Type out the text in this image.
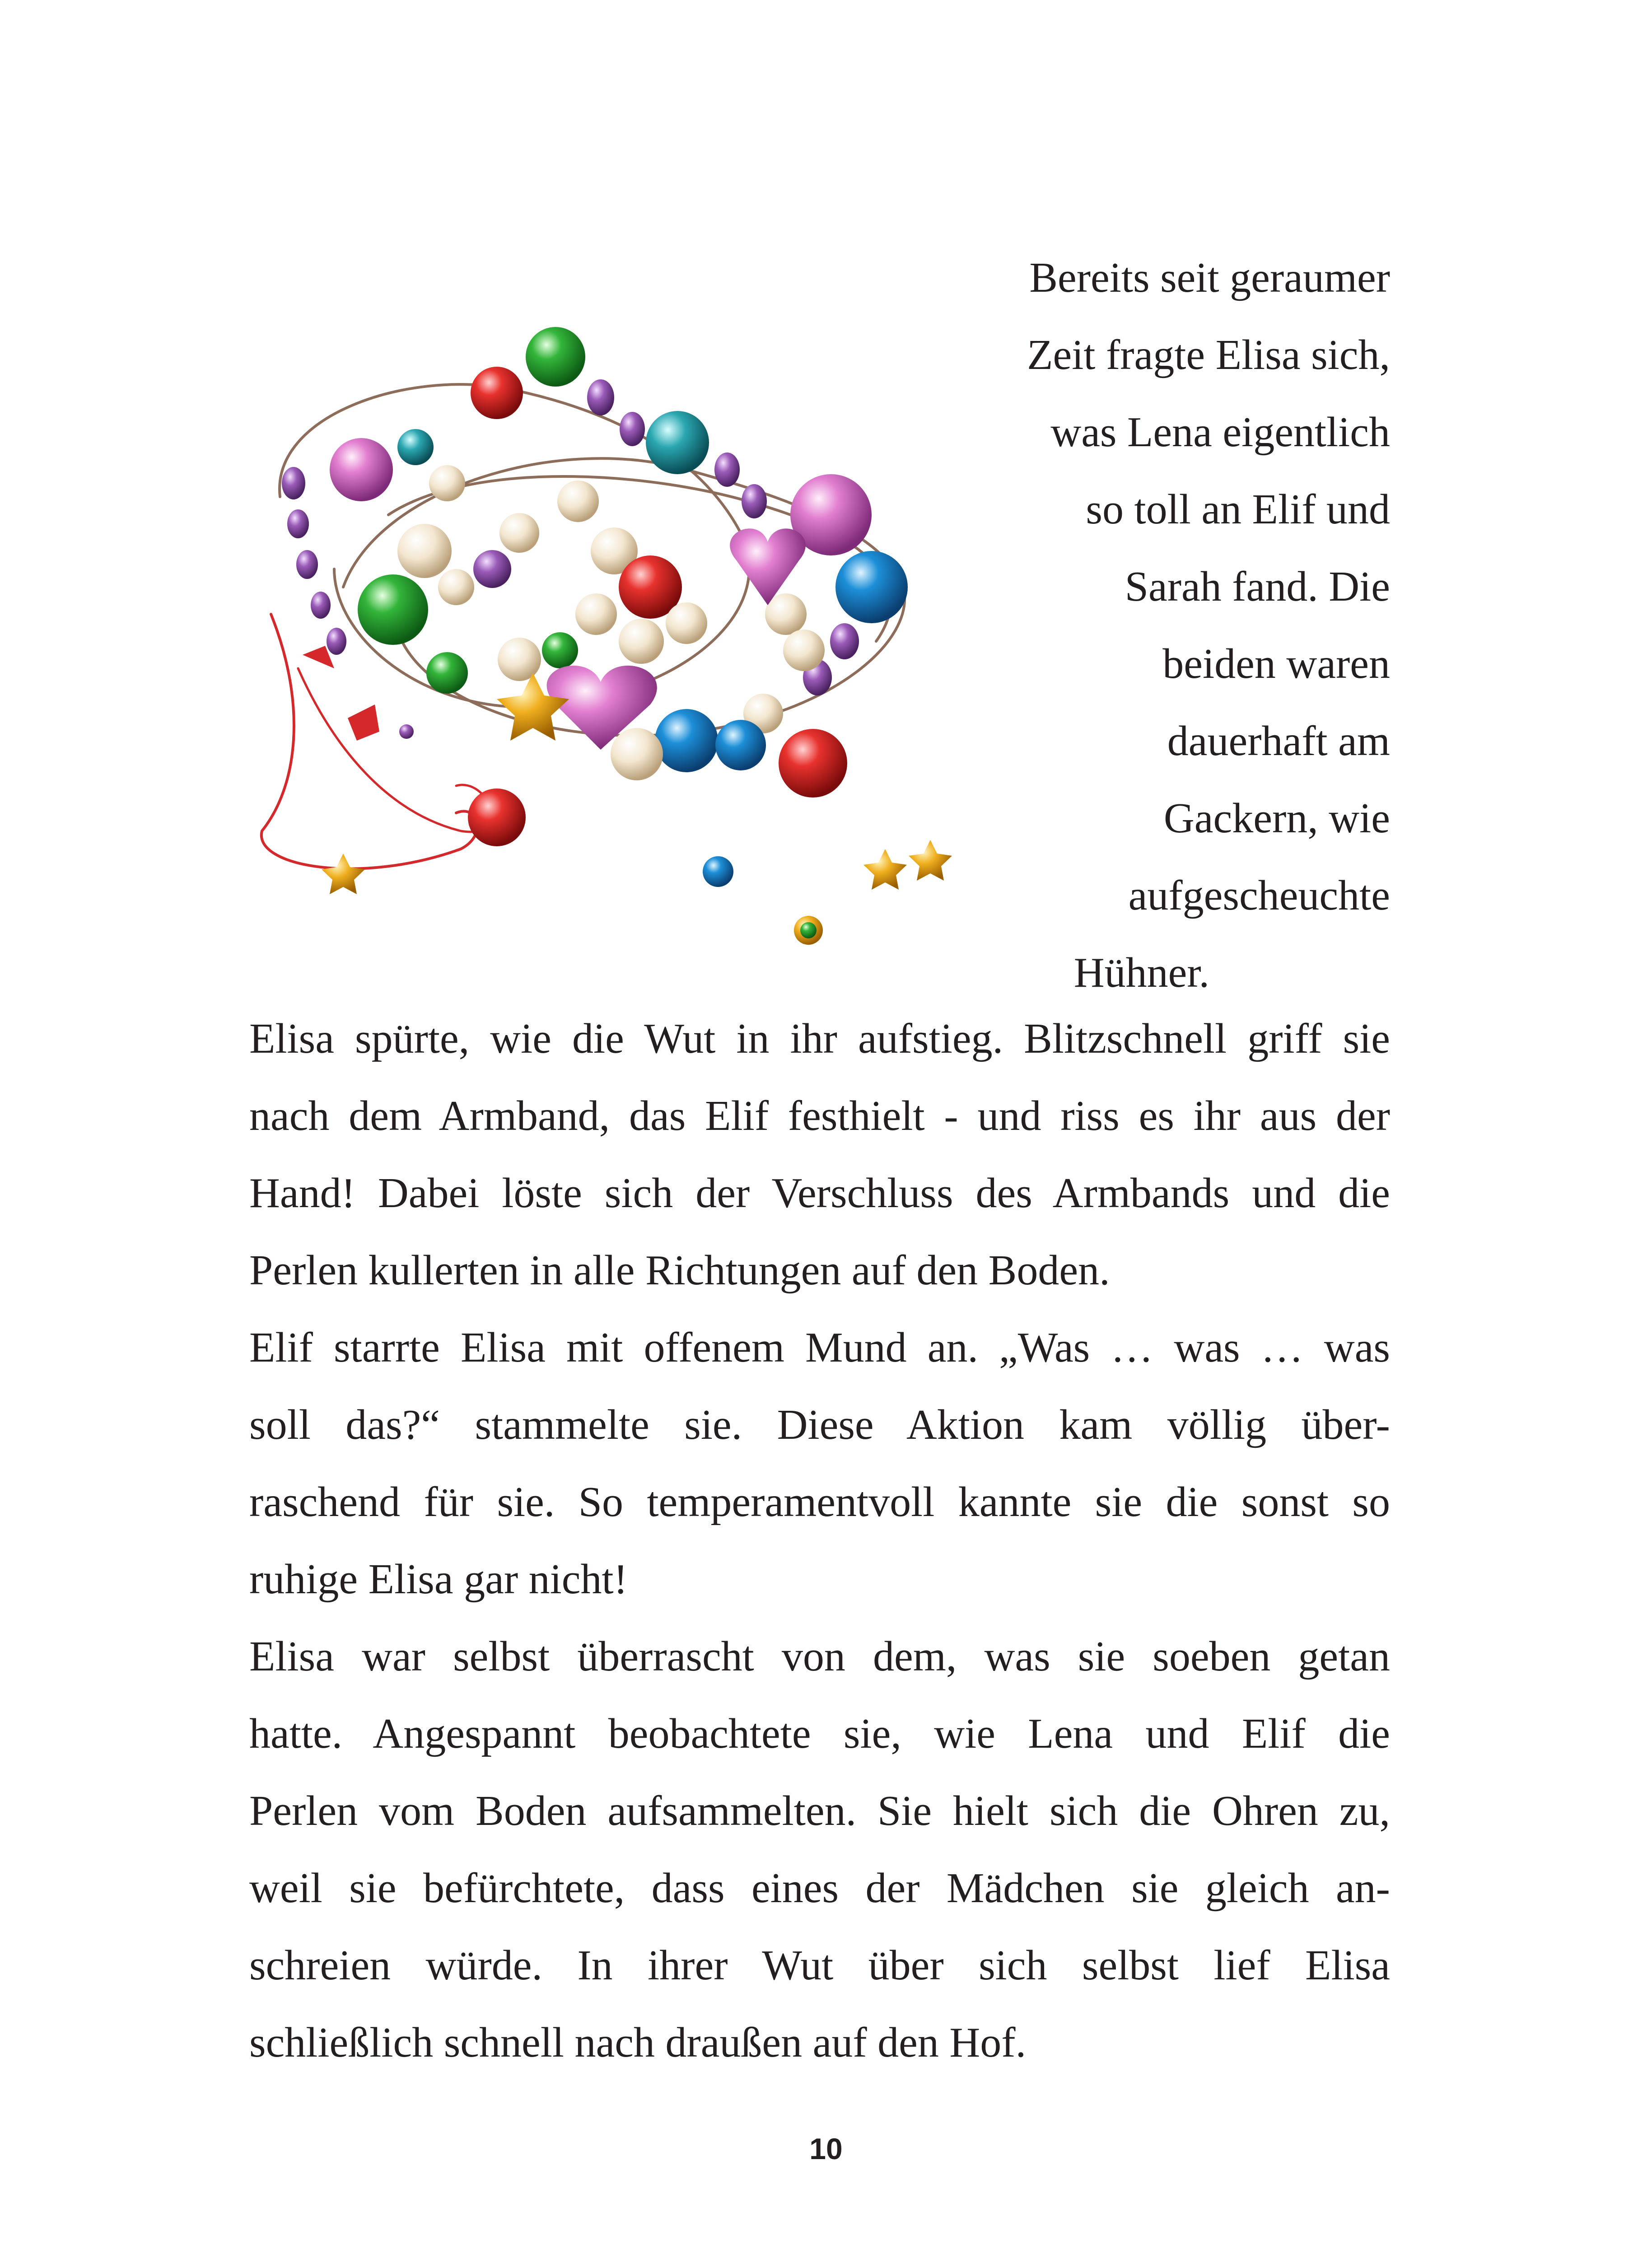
Bereits seit geraumer
Zeit fragte Elisa sich,
was Lena eigentlich
so toll an Elif und
Sarah fand. Die
beiden waren
dauerhaft am
Gackern, wie
aufgescheuchte
Hühner.
Elisa spürte, wie die Wut in ihr aufstieg. Blitzschnell griff sie
nach dem Armband, das Elif festhielt - und riss es ihr aus der
Hand! Dabei löste sich der Verschluss des Armbands und die
Perlen kullerten in alle Richtungen auf den Boden.
Elif starrte Elisa mit offenem Mund an. „Was … was … was
soll das?“ stammelte sie. Diese Aktion kam völlig über-
raschend für sie. So temperamentvoll kannte sie die sonst so
ruhige Elisa gar nicht!
Elisa war selbst überrascht von dem, was sie soeben getan
hatte. Angespannt beobachtete sie, wie Lena und Elif die
Perlen vom Boden aufsammelten. Sie hielt sich die Ohren zu,
weil sie befürchtete, dass eines der Mädchen sie gleich an-
schreien würde. In ihrer Wut über sich selbst lief Elisa
schließlich schnell nach draußen auf den Hof.
10
